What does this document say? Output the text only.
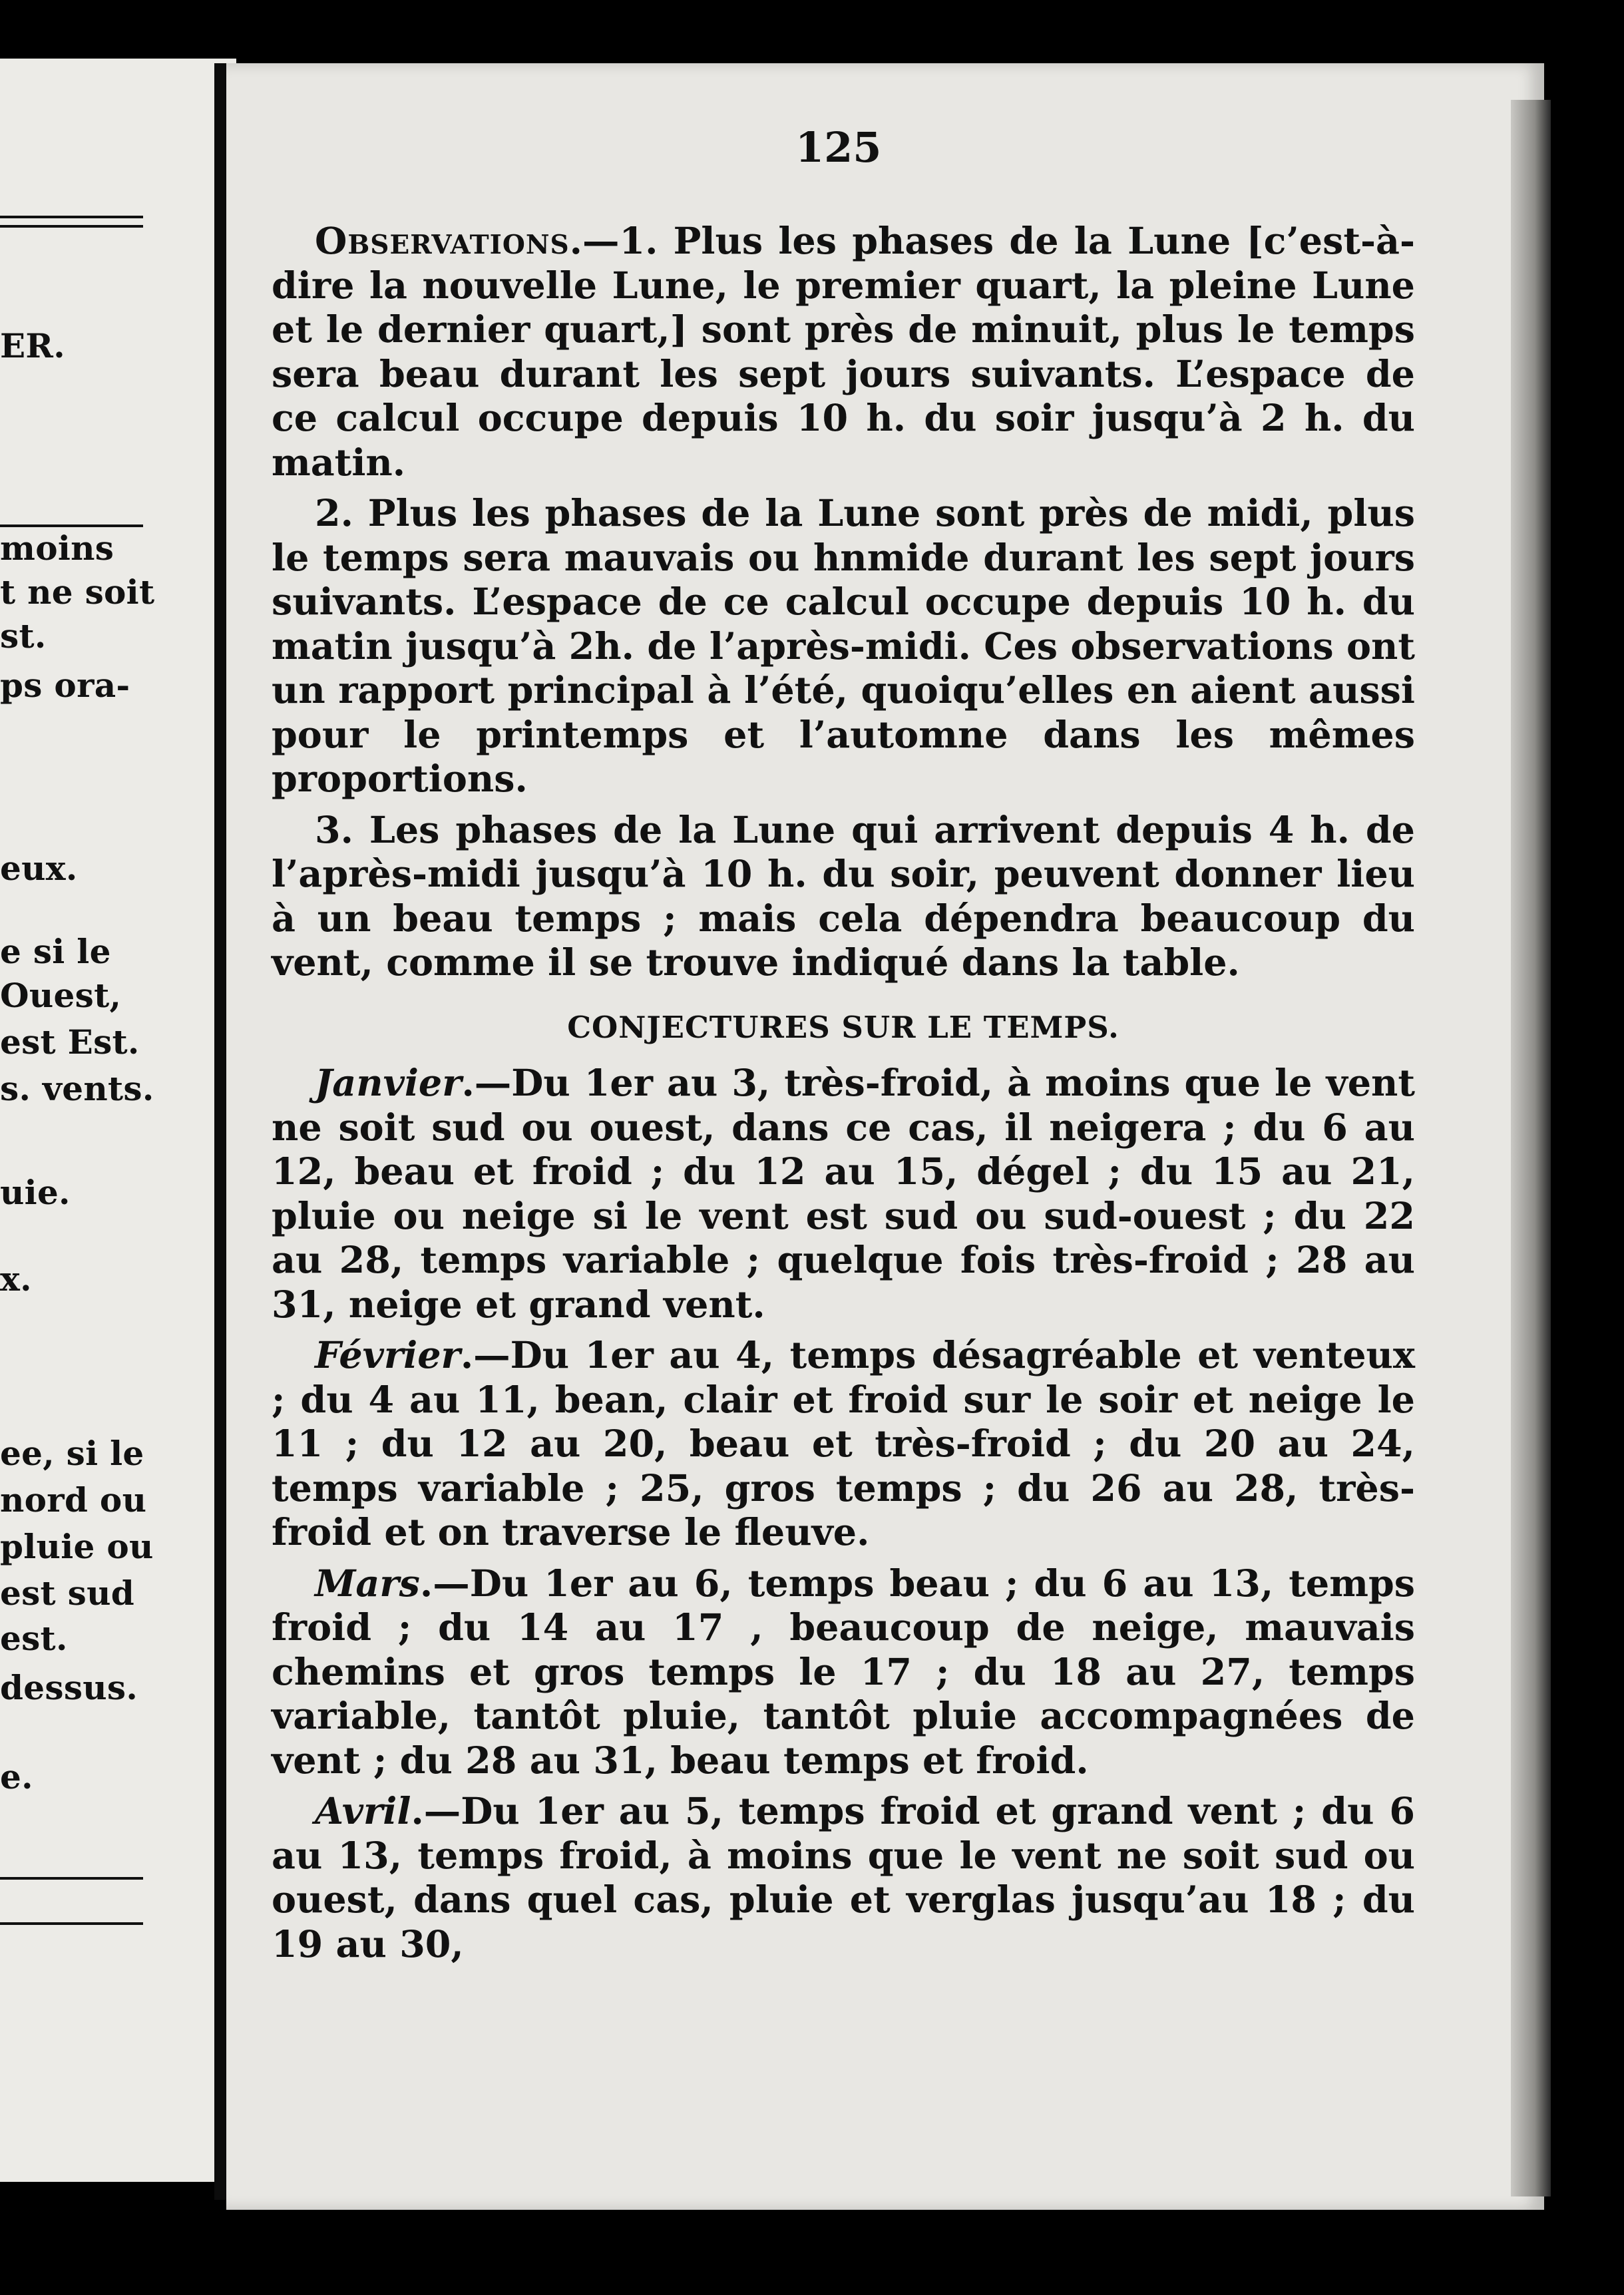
ER.
moins
t ne soit
st.
ps ora-
eux.
e si le
Ouest,
est Est.
s. vents.
uie.
x.
ee, si le
nord ou
pluie ou
est sud
est.
dessus.
e.
125

Observations.—1. Plus les phases de la Lune [c’est-à-dire la nouvelle Lune, le premier quart, la pleine Lune et le dernier quart,] sont près de minuit, plus le temps sera beau durant les sept jours suivants. L’espace de ce calcul occupe depuis 10 h. du soir jusqu’à 2 h. du matin.

2. Plus les phases de la Lune sont près de midi, plus le temps sera mauvais ou hnmide durant les sept jours suivants. L’espace de ce calcul occupe depuis 10 h. du matin jusqu’à 2h. de l’après-midi. Ces observations ont un rapport principal à l’été, quoiqu’elles en aient aussi pour le printemps et l’automne dans les mêmes proportions.

3. Les phases de la Lune qui arrivent depuis 4 h. de l’après-midi jusqu’à 10 h. du soir, peuvent donner lieu à un beau temps ; mais cela dépendra beaucoup du vent, comme il se trouve indiqué dans la table.

CONJECTURES SUR LE TEMPS.

Janvier.—Du 1er au 3, très-froid, à moins que le vent ne soit sud ou ouest, dans ce cas, il neigera ; du 6 au 12, beau et froid ; du 12 au 15, dégel ; du 15 au 21, pluie ou neige si le vent est sud ou sud-ouest ; du 22 au 28, temps variable ; quelque fois très-froid ; 28 au 31, neige et grand vent.

Février.—Du 1er au 4, temps désagréable et venteux ; du 4 au 11, bean, clair et froid sur le soir et neige le 11 ; du 12 au 20, beau et très-froid ; du 20 au 24, temps variable ; 25, gros temps ; du 26 au 28, très-froid et on traverse le fleuve.

Mars.—Du 1er au 6, temps beau ; du 6 au 13, temps froid ; du 14 au 17 , beaucoup de neige, mauvais chemins et gros temps le 17 ; du 18 au 27, temps variable, tantôt pluie, tantôt pluie accompagnées de vent ; du 28 au 31, beau temps et froid.

Avril.—Du 1er au 5, temps froid et grand vent ; du 6 au 13, temps froid, à moins que le vent ne soit sud ou ouest, dans quel cas, pluie et verglas jusqu’au 18 ; du 19 au 30,
